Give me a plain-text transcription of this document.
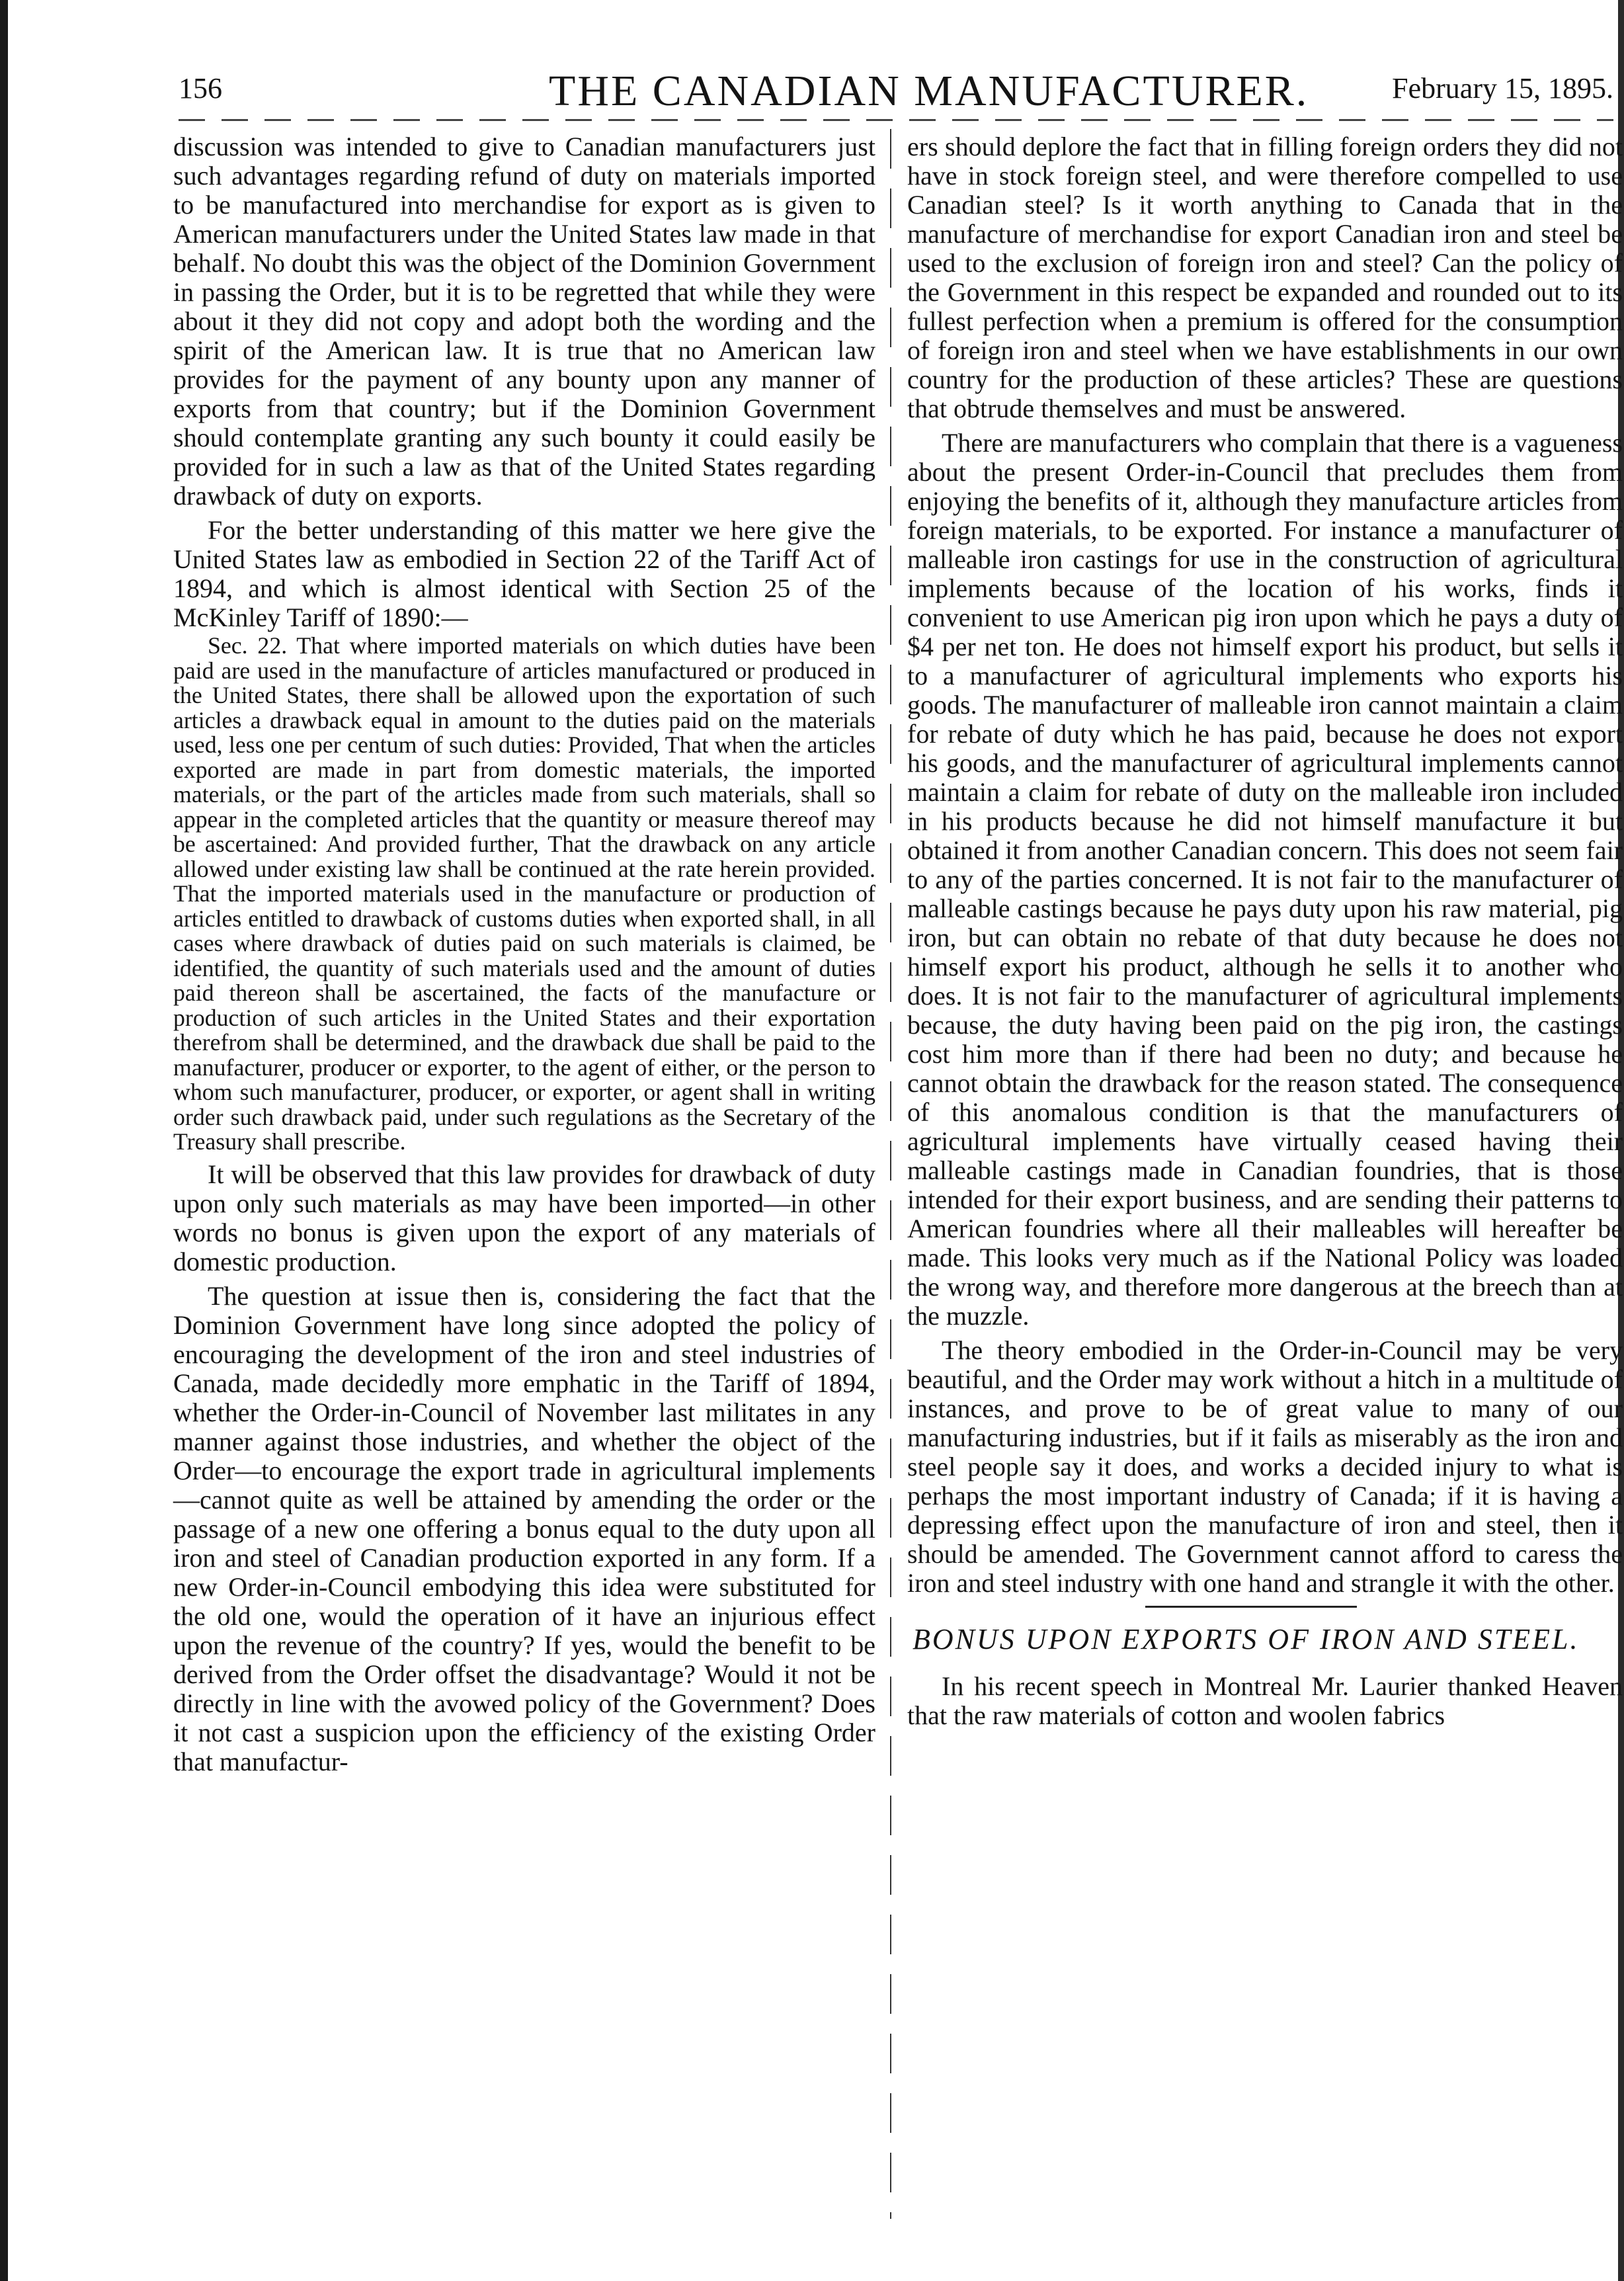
156	THE CANADIAN MANUFACTURER.	February 15, 1895.

discussion was intended to give to Canadian manufacturers just such advantages regarding refund of duty on materials imported to be manufactured into merchandise for export as is given to American manufacturers under the United States law made in that behalf. No doubt this was the object of the Dominion Government in passing the Order, but it is to be regretted that while they were about it they did not copy and adopt both the wording and the spirit of the American law. It is true that no American law provides for the payment of any bounty upon any manner of exports from that country; but if the Dominion Government should contemplate granting any such bounty it could easily be provided for in such a law as that of the United States regarding drawback of duty on exports.

For the better understanding of this matter we here give the United States law as embodied in Section 22 of the Tariff Act of 1894, and which is almost identical with Section 25 of the McKinley Tariff of 1890:—

Sec. 22. That where imported materials on which duties have been paid are used in the manufacture of articles manufactured or produced in the United States, there shall be allowed upon the exportation of such articles a drawback equal in amount to the duties paid on the materials used, less one per centum of such duties: Provided, That when the articles exported are made in part from domestic materials, the imported materials, or the part of the articles made from such materials, shall so appear in the completed articles that the quantity or measure thereof may be ascertained: And provided further, That the drawback on any article allowed under existing law shall be continued at the rate herein provided. That the imported materials used in the manufacture or production of articles entitled to drawback of customs duties when exported shall, in all cases where drawback of duties paid on such materials is claimed, be identified, the quantity of such materials used and the amount of duties paid thereon shall be ascertained, the facts of the manufacture or production of such articles in the United States and their exportation therefrom shall be determined, and the drawback due shall be paid to the manufacturer, producer or exporter, to the agent of either, or the person to whom such manufacturer, producer, or exporter, or agent shall in writing order such drawback paid, under such regulations as the Secretary of the Treasury shall prescribe.

It will be observed that this law provides for drawback of duty upon only such materials as may have been imported—in other words no bonus is given upon the export of any materials of domestic production.

The question at issue then is, considering the fact that the Dominion Government have long since adopted the policy of encouraging the development of the iron and steel industries of Canada, made decidedly more emphatic in the Tariff of 1894, whether the Order-in-Council of November last militates in any manner against those industries, and whether the object of the Order—to encourage the export trade in agricultural implements—cannot quite as well be attained by amending the order or the passage of a new one offering a bonus equal to the duty upon all iron and steel of Canadian production exported in any form. If a new Order-in-Council embodying this idea were substituted for the old one, would the operation of it have an injurious effect upon the revenue of the country? If yes, would the benefit to be derived from the Order offset the disadvantage? Would it not be directly in line with the avowed policy of the Government? Does it not cast a suspicion upon the efficiency of the existing Order that manufactur-

ers should deplore the fact that in filling foreign orders they did not have in stock foreign steel, and were therefore compelled to use Canadian steel? Is it worth anything to Canada that in the manufacture of merchandise for export Canadian iron and steel be used to the exclusion of foreign iron and steel? Can the policy of the Government in this respect be expanded and rounded out to its fullest perfection when a premium is offered for the consumption of foreign iron and steel when we have establishments in our own country for the production of these articles? These are questions that obtrude themselves and must be answered.

There are manufacturers who complain that there is a vagueness about the present Order-in-Council that precludes them from enjoying the benefits of it, although they manufacture articles from foreign materials, to be exported. For instance a manufacturer of malleable iron castings for use in the construction of agricultural implements because of the location of his works, finds it convenient to use American pig iron upon which he pays a duty of $4 per net ton. He does not himself export his product, but sells it to a manufacturer of agricultural implements who exports his goods. The manufacturer of malleable iron cannot maintain a claim for rebate of duty which he has paid, because he does not export his goods, and the manufacturer of agricultural implements cannot maintain a claim for rebate of duty on the malleable iron included in his products because he did not himself manufacture it but obtained it from another Canadian concern. This does not seem fair to any of the parties concerned. It is not fair to the manufacturer of malleable castings because he pays duty upon his raw material, pig iron, but can obtain no rebate of that duty because he does not himself export his product, although he sells it to another who does. It is not fair to the manufacturer of agricultural implements because, the duty having been paid on the pig iron, the castings cost him more than if there had been no duty; and because he cannot obtain the drawback for the reason stated. The consequence of this anomalous condition is that the manufacturers of agricultural implements have virtually ceased having their malleable castings made in Canadian foundries, that is those intended for their export business, and are sending their patterns to American foundries where all their malleables will hereafter be made. This looks very much as if the National Policy was loaded the wrong way, and therefore more dangerous at the breech than at the muzzle.

The theory embodied in the Order-in-Council may be very beautiful, and the Order may work without a hitch in a multitude of instances, and prove to be of great value to many of our manufacturing industries, but if it fails as miserably as the iron and steel people say it does, and works a decided injury to what is perhaps the most important industry of Canada; if it is having a depressing effect upon the manufacture of iron and steel, then it should be amended. The Government cannot afford to caress the iron and steel industry with one hand and strangle it with the other.

BONUS UPON EXPORTS OF IRON AND STEEL.

In his recent speech in Montreal Mr. Laurier thanked Heaven that the raw materials of cotton and woolen fabrics
